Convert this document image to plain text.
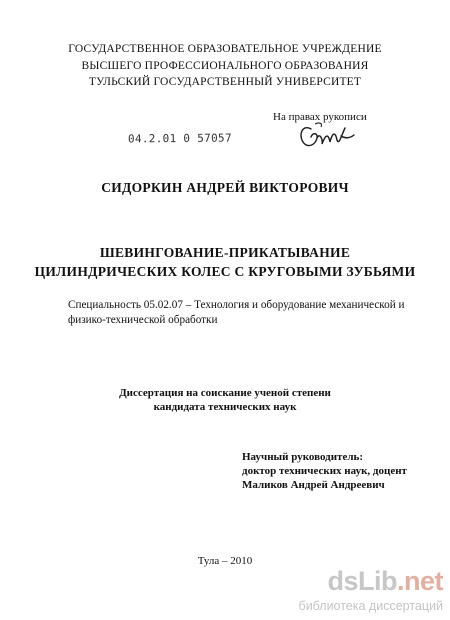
ГОСУДАРСТВЕННОЕ ОБРАЗОВАТЕЛЬНОЕ УЧРЕЖДЕНИЕ
ВЫСШЕГО ПРОФЕССИОНАЛЬНОГО ОБРАЗОВАНИЯ
ТУЛЬСКИЙ ГОСУДАРСТВЕННЫЙ УНИВЕРСИТЕТ
На правах рукописи
04.2.01 0 57057
СИДОРКИН АНДРЕЙ ВИКТОРОВИЧ
ШЕВИНГОВАНИЕ-ПРИКАТЫВАНИЕ
ЦИЛИНДРИЧЕСКИХ КОЛЕС С КРУГОВЫМИ ЗУБЬЯМИ
Специальность 05.02.07 – Технология и оборудование механической и
физико-технической обработки
Диссертация на соискание ученой степени
кандидата технических наук
Научный руководитель:
доктор технических наук, доцент
Маликов Андрей Андреевич
Тула – 2010
dsLib.net
библиотека диссертаций
